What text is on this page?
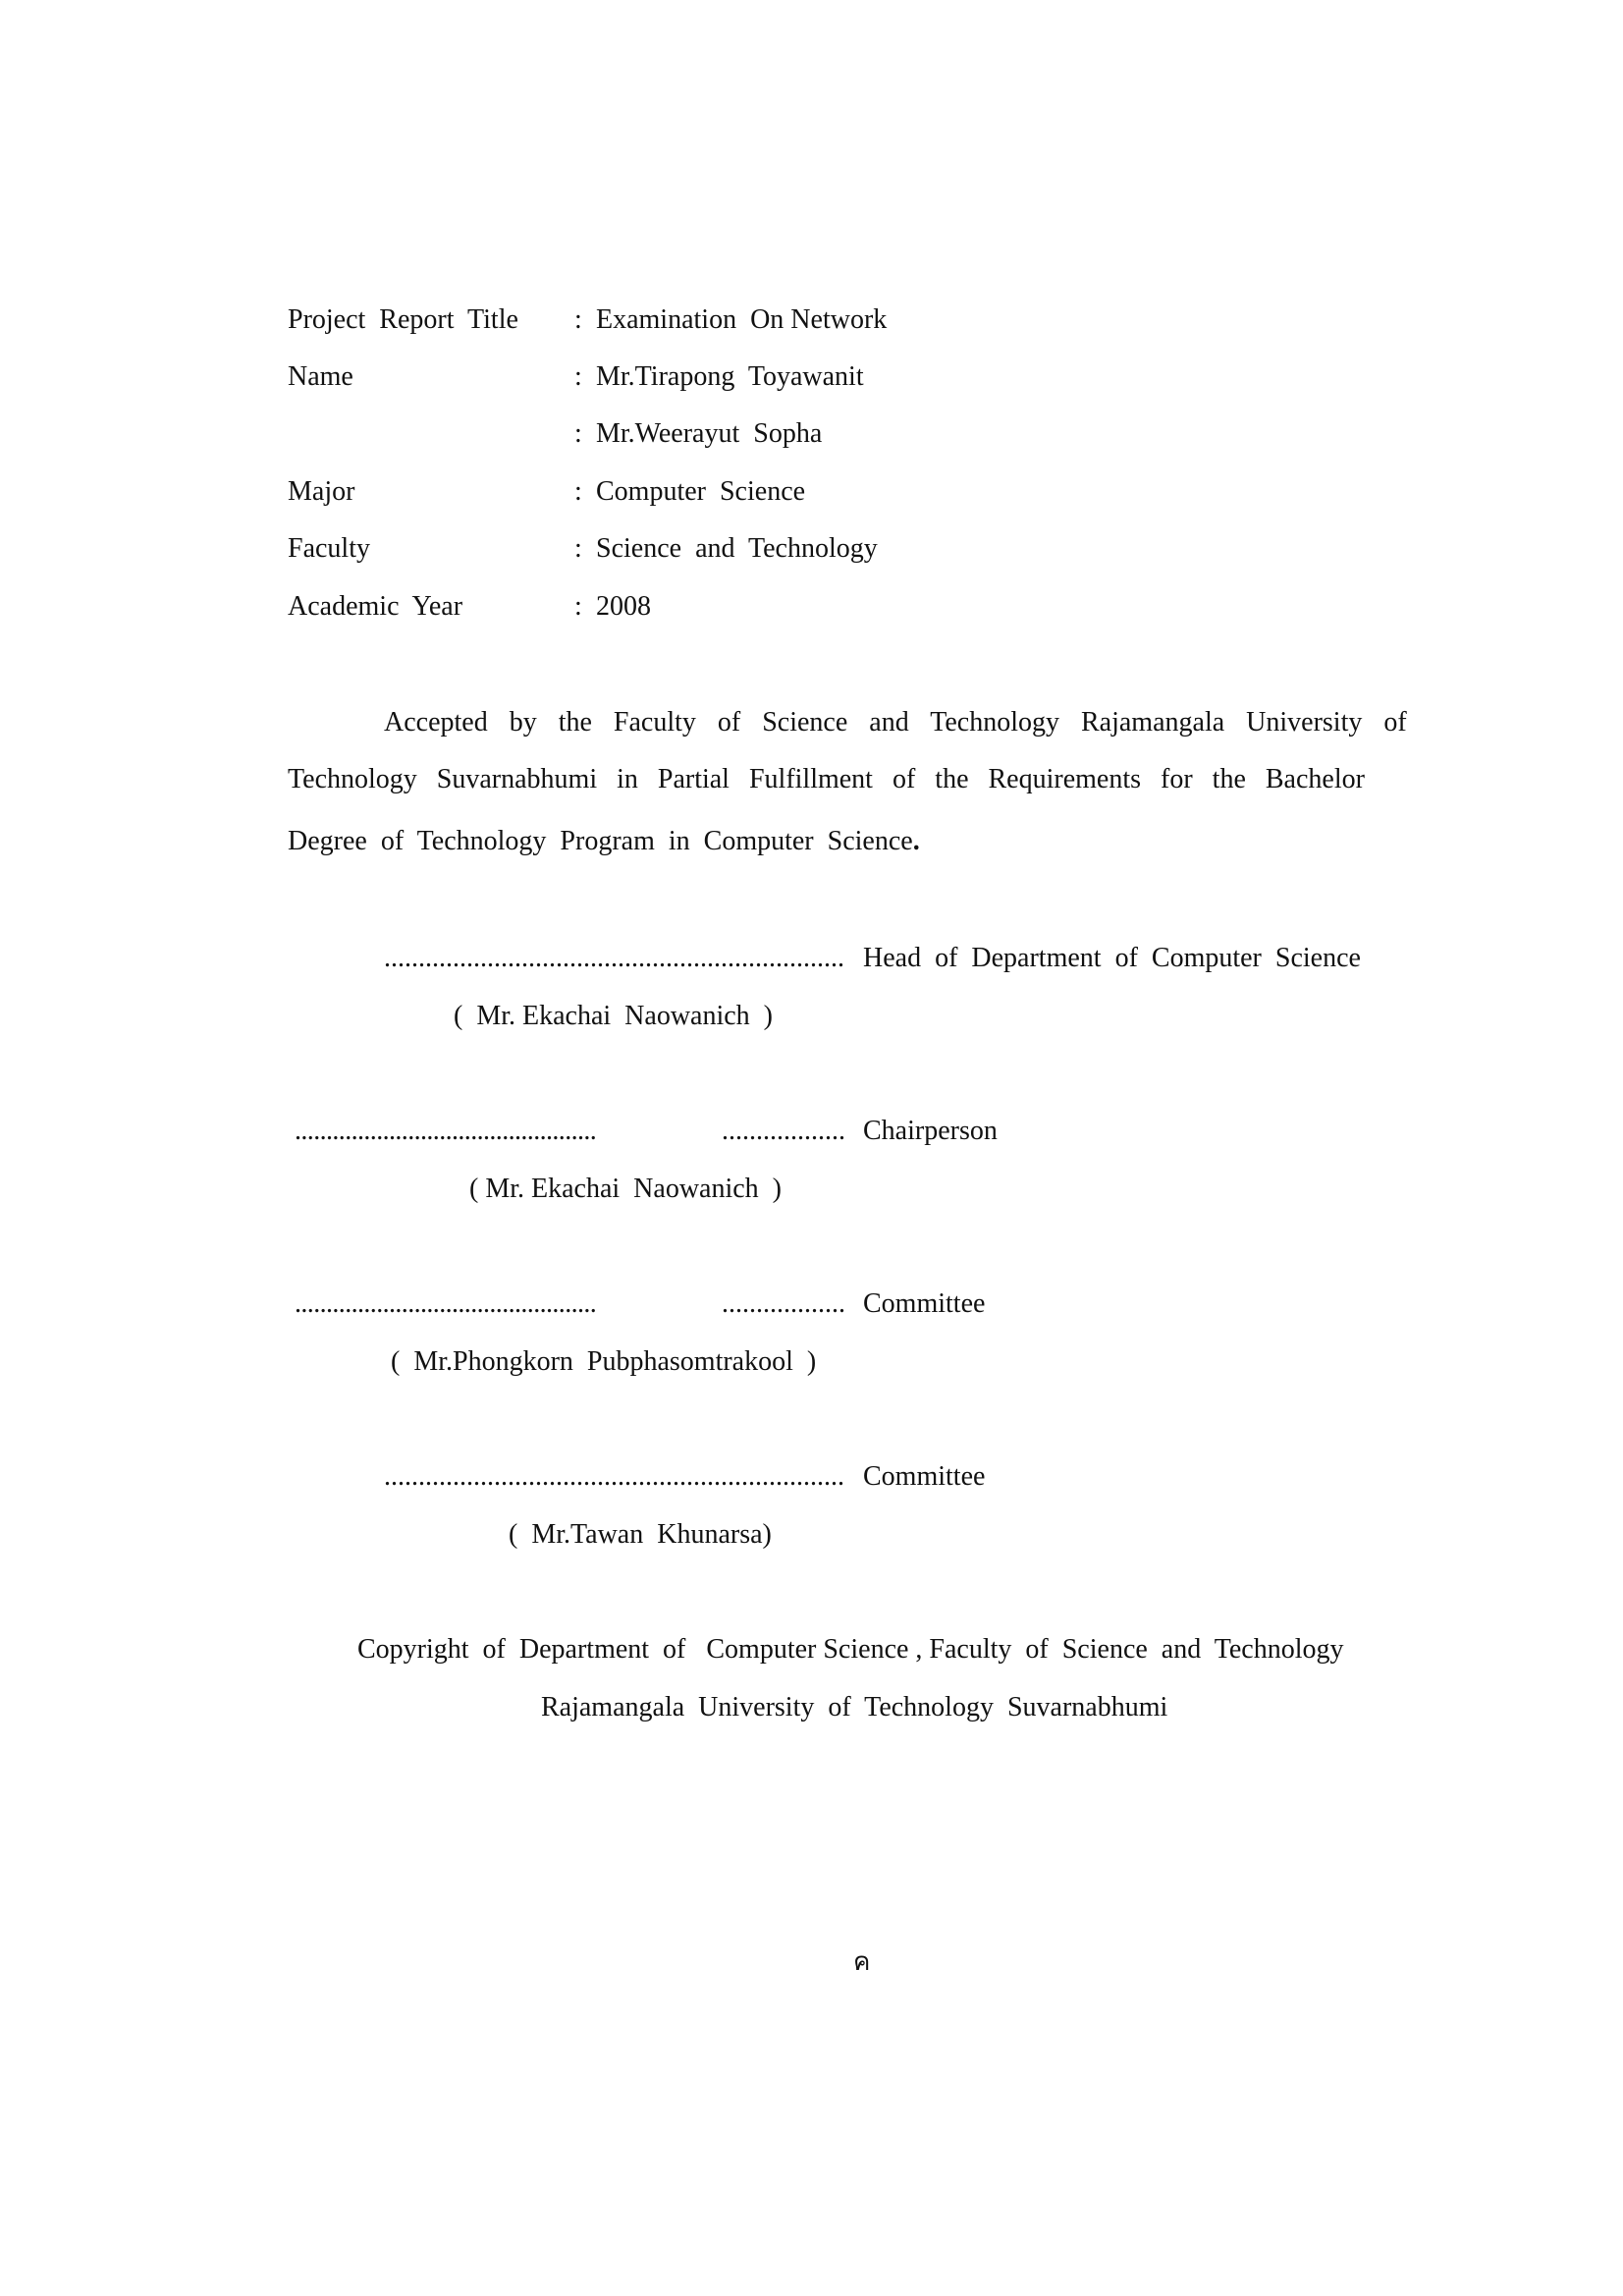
Project  Report  Title : Examination  On Network
Name	: Mr.Tirapong  Toyawanit
: Mr.Weerayut  Sopha
Major	: Computer  Science
Faculty	: Science  and  Technology
Academic  Year	: 2008
Accepted  by  the  Faculty  of  Science  and  Technology  Rajamangala  University  of
Technology  Suvarnabhumi  in  Partial  Fulfillment  of  the  Requirements  for  the  Bachelor
Degree  of  Technology  Program  in  Computer  Science.
................................................................... Head  of  Department  of  Computer  Science
(  Mr. Ekachai  Naowanich  )
................................................	.................. Chairperson
( Mr. Ekachai  Naowanich  )
................................................	.................. Committee
(  Mr.Phongkorn  Pubphasomtrakool  )
................................................................... Committee
(  Mr.Tawan  Khunarsa)
Copyright  of  Department  of   Computer Science , Faculty  of  Science  and  Technology
Rajamangala  University  of  Technology  Suvarnabhumi
ค
